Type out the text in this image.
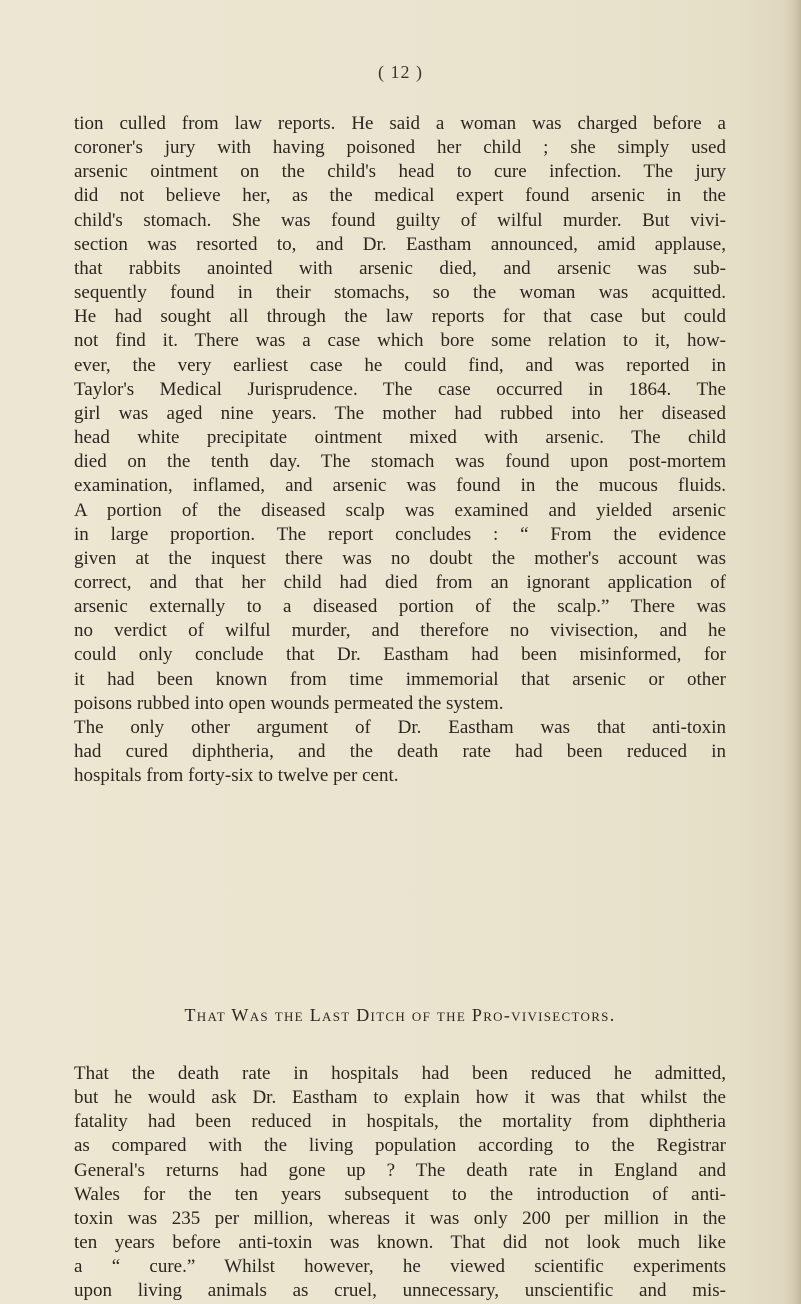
( 12 )
tion culled from law reports. He said a woman was charged before a
coroner's jury with having poisoned her child ; she simply used
arsenic ointment on the child's head to cure infection. The jury
did not believe her, as the medical expert found arsenic in the
child's stomach. She was found guilty of wilful murder. But vivi-
section was resorted to, and Dr. Eastham announced, amid applause,
that rabbits anointed with arsenic died, and arsenic was sub-
sequently found in their stomachs, so the woman was acquitted.
He had sought all through the law reports for that case but could
not find it. There was a case which bore some relation to it, how-
ever, the very earliest case he could find, and was reported in
Taylor's Medical Jurisprudence. The case occurred in 1864. The
girl was aged nine years. The mother had rubbed into her diseased
head white precipitate ointment mixed with arsenic. The child
died on the tenth day. The stomach was found upon post-mortem
examination, inflamed, and arsenic was found in the mucous fluids.
A portion of the diseased scalp was examined and yielded arsenic
in large proportion. The report concludes : “ From the evidence
given at the inquest there was no doubt the mother's account was
correct, and that her child had died from an ignorant application of
arsenic externally to a diseased portion of the scalp.” There was
no verdict of wilful murder, and therefore no vivisection, and he
could only conclude that Dr. Eastham had been misinformed, for
it had been known from time immemorial that arsenic or other
poisons rubbed into open wounds permeated the system.
The only other argument of Dr. Eastham was that anti-toxin
had cured diphtheria, and the death rate had been reduced in
hospitals from forty-six to twelve per cent.
That Was the Last Ditch of the Pro-vivisectors.
That the death rate in hospitals had been reduced he admitted,
but he would ask Dr. Eastham to explain how it was that whilst the
fatality had been reduced in hospitals, the mortality from diphtheria
as compared with the living population according to the Registrar
General's returns had gone up ? The death rate in England and
Wales for the ten years subsequent to the introduction of anti-
toxin was 235 per million, whereas it was only 200 per million in the
ten years before anti-toxin was known. That did not look much like
a “ cure.” Whilst however, he viewed scientific experiments
upon living animals as cruel, unnecessary, unscientific and mis-
